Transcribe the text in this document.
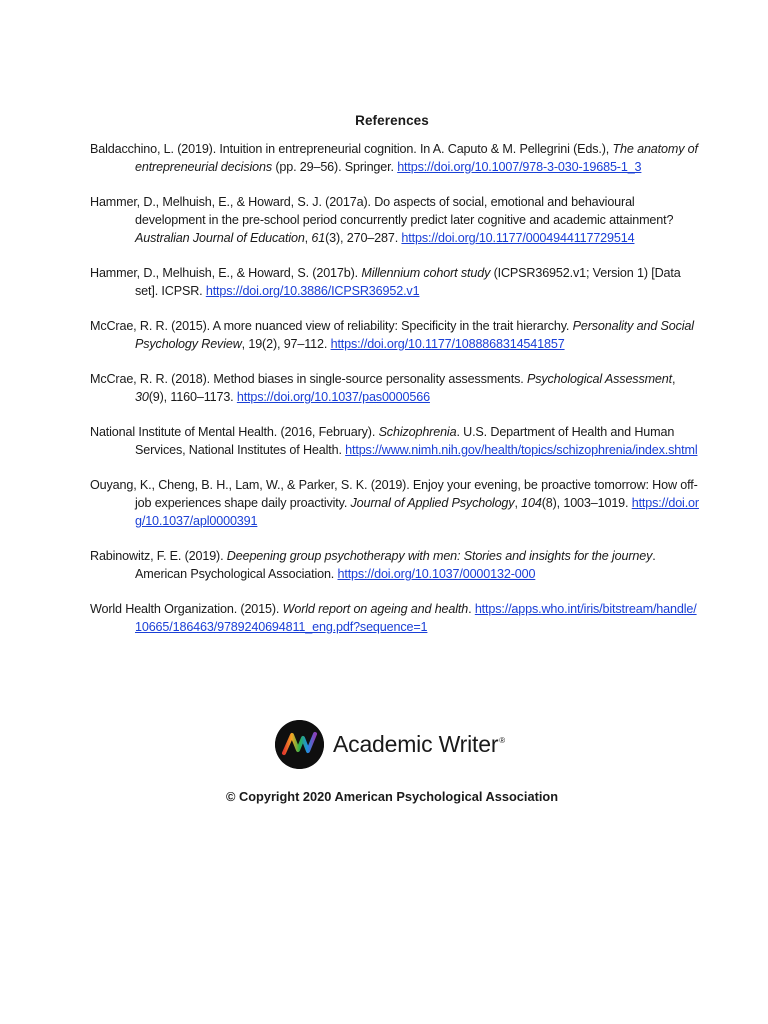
References

Baldacchino, L. (2019). Intuition in entrepreneurial cognition. In A. Caputo & M. Pellegrini (Eds.), The anatomy of entrepreneurial decisions (pp. 29–56). Springer. https://doi.org/10.1007/978-3-030-19685-1_3

Hammer, D., Melhuish, E., & Howard, S. J. (2017a). Do aspects of social, emotional and behavioural development in the pre-school period concurrently predict later cognitive and academic attainment? Australian Journal of Education, 61(3), 270–287. https://doi.org/10.1177/0004944117729514

Hammer, D., Melhuish, E., & Howard, S. (2017b). Millennium cohort study (ICPSR36952.v1; Version 1) [Data set]. ICPSR. https://doi.org/10.3886/ICPSR36952.v1

McCrae, R. R. (2015). A more nuanced view of reliability: Specificity in the trait hierarchy. Personality and Social Psychology Review, 19(2), 97–112. https://doi.org/10.1177/1088868314541857

McCrae, R. R. (2018). Method biases in single-source personality assessments. Psychological Assessment, 30(9), 1160–1173. https://doi.org/10.1037/pas0000566

National Institute of Mental Health. (2016, February). Schizophrenia. U.S. Department of Health and Human Services, National Institutes of Health. https://www.nimh.nih.gov/health/topics/schizophrenia/index.shtml

Ouyang, K., Cheng, B. H., Lam, W., & Parker, S. K. (2019). Enjoy your evening, be proactive tomorrow: How off-job experiences shape daily proactivity. Journal of Applied Psychology, 104(8), 1003–1019. https://doi.org/10.1037/apl0000391

Rabinowitz, F. E. (2019). Deepening group psychotherapy with men: Stories and insights for the journey. American Psychological Association. https://doi.org/10.1037/0000132-000

World Health Organization. (2015). World report on ageing and health. https://apps.who.int/iris/bitstream/handle/10665/186463/9789240694811_eng.pdf?sequence=1

Academic Writer®
© Copyright 2020 American Psychological Association
